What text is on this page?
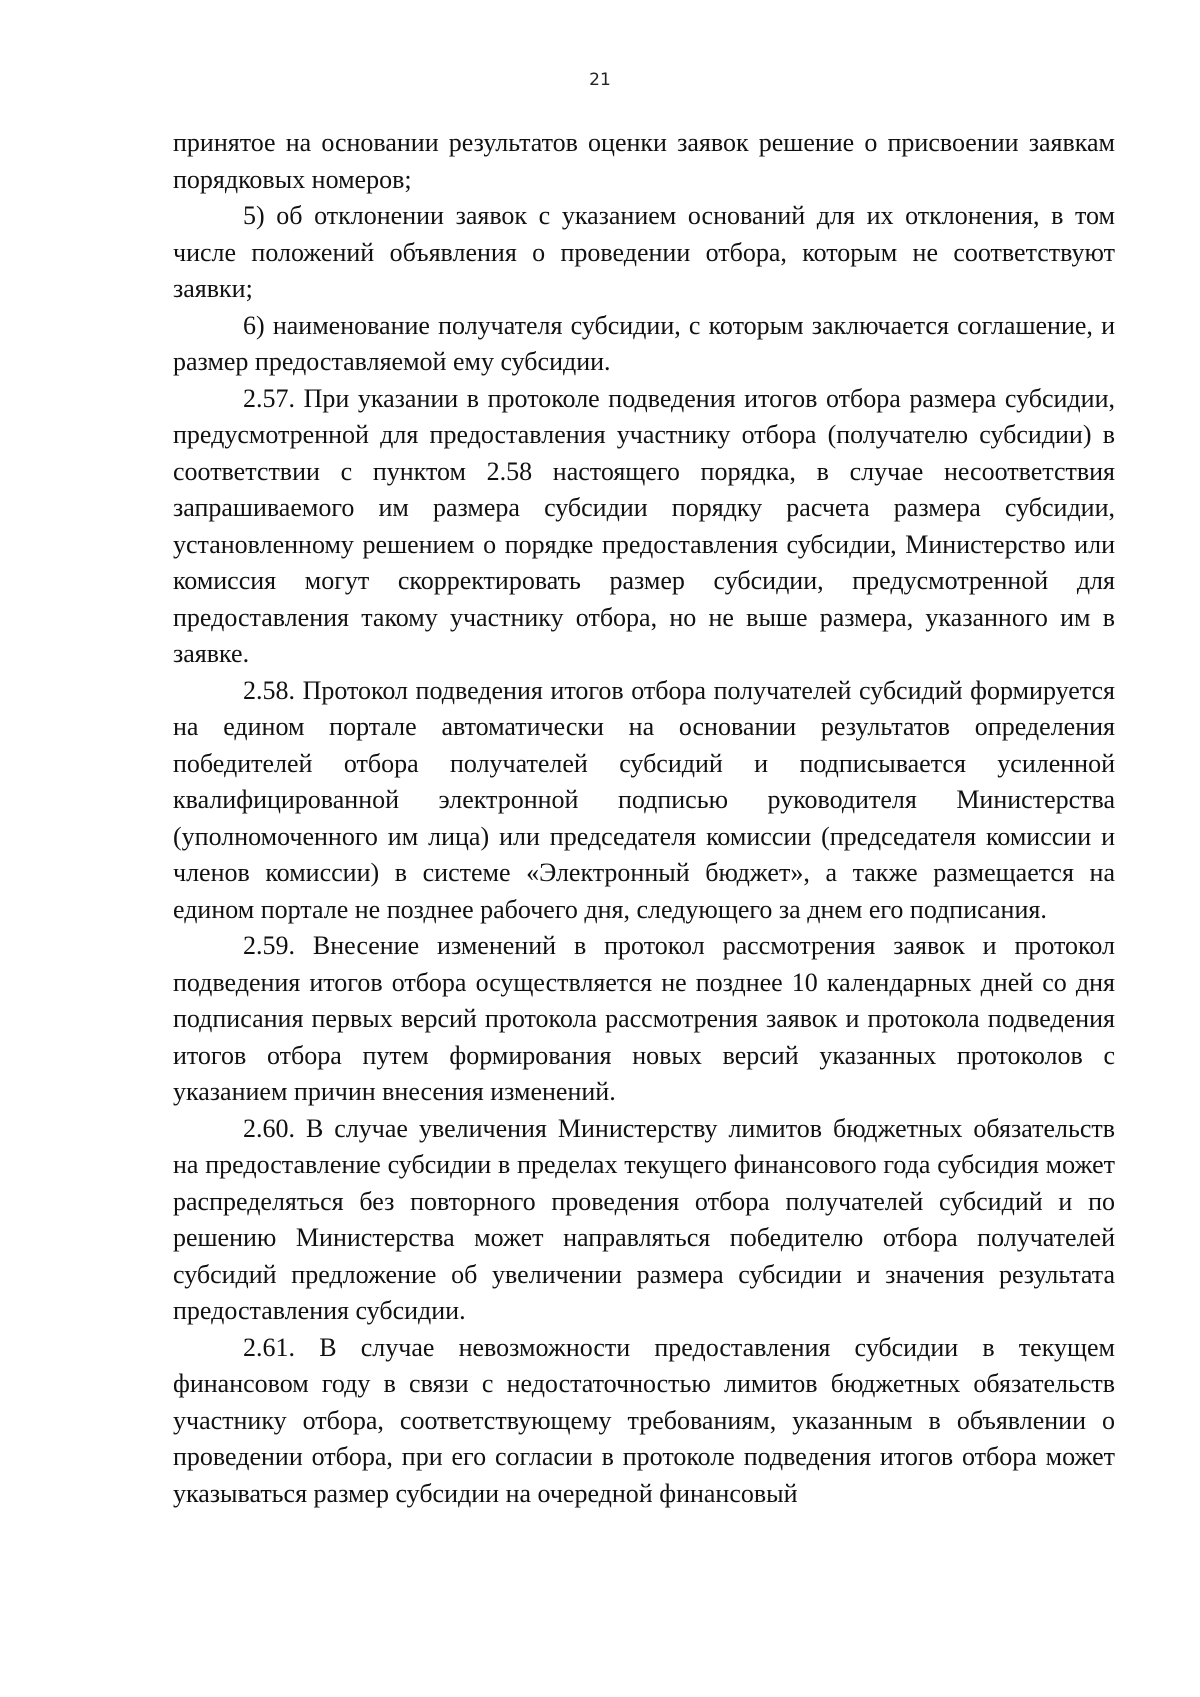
21

принятое на основании результатов оценки заявок решение о присвоении заявкам порядковых номеров;

5) об отклонении заявок с указанием оснований для их отклонения, в том числе положений объявления о проведении отбора, которым не соответствуют заявки;

6) наименование получателя субсидии, с которым заключается соглашение, и размер предоставляемой ему субсидии.

2.57. При указании в протоколе подведения итогов отбора размера субсидии, предусмотренной для предоставления участнику отбора (получателю субсидии) в соответствии с пунктом 2.58 настоящего порядка, в случае несоответствия запрашиваемого им размера субсидии порядку расчета размера субсидии, установленному решением о порядке предоставления субсидии, Министерство или комиссия могут скорректировать размер субсидии, предусмотренной для предоставления такому участнику отбора, но не выше размера, указанного им в заявке.

2.58. Протокол подведения итогов отбора получателей субсидий формируется на едином портале автоматически на основании результатов определения победителей отбора получателей субсидий и подписывается усиленной квалифицированной электронной подписью руководителя Министерства (уполномоченного им лица) или председателя комиссии (председателя комиссии и членов комиссии) в системе «Электронный бюджет», а также размещается на едином портале не позднее рабочего дня, следующего за днем его подписания.

2.59. Внесение изменений в протокол рассмотрения заявок и протокол подведения итогов отбора осуществляется не позднее 10 календарных дней со дня подписания первых версий протокола рассмотрения заявок и протокола подведения итогов отбора путем формирования новых версий указанных протоколов с указанием причин внесения изменений.

2.60. В случае увеличения Министерству лимитов бюджетных обязательств на предоставление субсидии в пределах текущего финансового года субсидия может распределяться без повторного проведения отбора получателей субсидий и по решению Министерства может направляться победителю отбора получателей субсидий предложение об увеличении размера субсидии и значения результата предоставления субсидии.

2.61. В случае невозможности предоставления субсидии в текущем финансовом году в связи с недостаточностью лимитов бюджетных обязательств участнику отбора, соответствующему требованиям, указанным в объявлении о проведении отбора, при его согласии в протоколе подведения итогов отбора может указываться размер субсидии на очередной финансовый
